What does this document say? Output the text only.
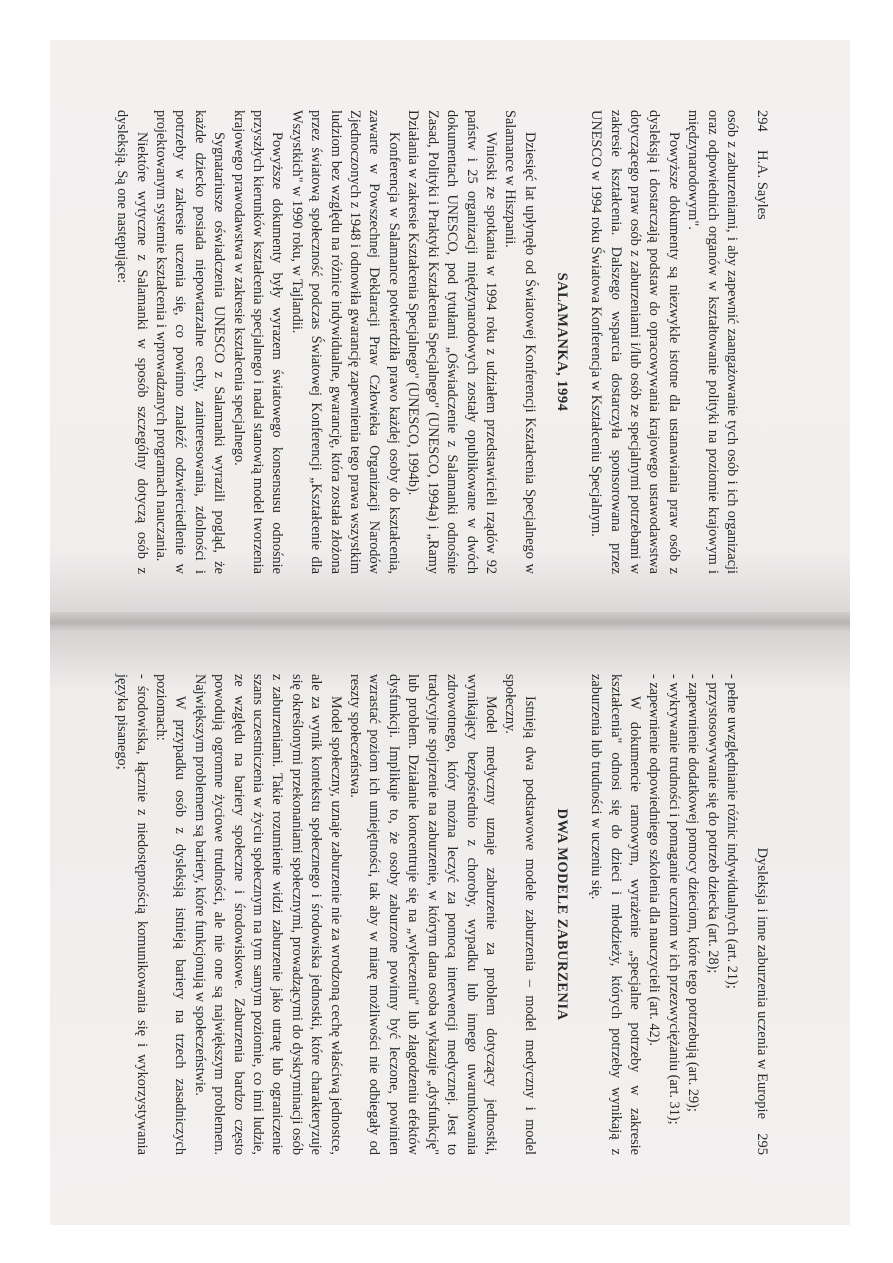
294
H.A. Sayles

osób z zaburzeniami, i aby zapewnić zaangażowanie tych osób i ich organizacji oraz odpowiednich organów w kształtowanie polityki na poziomie krajowym i międzynarodowym".

Powyższe dokumenty są niezwykle istotne dla ustanawiania praw osób z dysleksją i dostarczają podstaw do opracowywania krajowego ustawodawstwa dotyczącego praw osób z zaburzeniami i/lub osób ze specjalnymi potrzebami w zakresie kształcenia. Dalszego wsparcia dostarczyła sponsorowana przez UNESCO w 1994 roku Światowa Konferencja w Kształceniu Specjalnym.

SALAMANKA, 1994

Dziesięć lat upłynęło od Światowej Konferencji Kształcenia Specjalnego w Salamance w Hiszpanii.

Wnioski ze spotkania w 1994 roku z udziałem przedstawicieli rządów 92 państw i 25 organizacji międzynarodowych zostały opublikowane w dwóch dokumentach UNESCO, pod tytułami „Oświadczenie z Salamanki odnośnie Zasad, Polityki i Praktyki Kształcenia Specjalnego" (UNESCO, 1994a) i „Ramy Działania w zakresie Kształcenia Specjalnego" (UNESCO, 1994b).

Konferencja w Salamance potwierdziła prawo każdej osoby do kształcenia, zawarte w Powszechnej Deklaracji Praw Człowieka Organizacji Narodów Zjednoczonych z 1948 i odnowiła gwarancję zapewnienia tego prawa wszystkim ludziom bez względu na różnice indywidualne, gwarancję, która została złożona przez światową społeczność podczas Światowej Konferencji „Kształcenie dla Wszystkich" w 1990 roku, w Tajlandii.

Powyższe dokumenty były wyrazem światowego konsensusu odnośnie przyszłych kierunków kształcenia specjalnego i nadal stanowią model tworzenia krajowego prawodawstwa w zakresie kształcenia specjalnego.

Sygnatariusze oświadczenia UNESCO z Salamanki wyrazili pogląd, że każde dziecko posiada niepowtarzalne cechy, zainteresowania, zdolności i potrzeby w zakresie uczenia się, co powinno znaleźć odzwierciedlenie w projektowanym systemie kształcenia i wprowadzanych programach nauczania.

Niektóre wytyczne z Salamanki w sposób szczególny dotyczą osób z dysleksją. Są one następujące:

Dysleksja i inne zaburzenia uczenia w Europie
295

- pełne uwzględnianie różnic indywidualnych (art. 21);

- przystosowywanie się do potrzeb dziecka (art. 28);

- zapewnienie dodatkowej pomocy dzieciom, które tego potrzebują (art. 29);

- wykrywanie trudności i pomaganie uczniom w ich przezwyciężaniu (art. 31);

- zapewnienie odpowiedniego szkolenia dla nauczycieli (art. 42).

W dokumencie ramowym, wyrażenie „specjalne potrzeby w zakresie kształcenia" odnosi się do dzieci i młodzieży, których potrzeby wynikają z zaburzenia lub trudności w uczeniu się.

DWA MODELE ZABURZENIA

Istnieją dwa podstawowe modele zaburzenia – model medyczny i model społeczny.

Model medyczny uznaje zaburzenie za problem dotyczący jednostki, wynikający bezpośrednio z choroby, wypadku lub innego uwarunkowania zdrowotnego, który można leczyć za pomocą interwencji medycznej. Jest to tradycyjne spojrzenie na zaburzenie, w którym dana osoba wykazuje „dysfunkcję" lub problem. Działanie koncentruje się na „wyleczeniu" lub złagodzeniu efektów dysfunkcji. Implikuje to, że osoby zaburzone powinny być leczone, powinien wzrastać poziom ich umiejętności, tak aby w miarę możliwości nie odbiegały od reszty społeczeństwa.

Model społeczny, uznaje zaburzenie nie za wrodzoną cechę właściwą jednostce, ale za wynik kontekstu społecznego i środowiska jednostki, które charakteryzuje się określonymi przekonaniami społecznymi, prowadzącymi do dyskryminacji osób z zaburzeniami. Takie rozumienie widzi zaburzenie jako utratę lub ograniczenie szans uczestniczenia w życiu społecznym na tym samym poziomie, co inni ludzie, ze względu na bariery społeczne i środowiskowe. Zaburzenia bardzo często powodują ogromne życiowe trudności, ale nie one są największym problemem. Największym problemem są bariery, które funkcjonują w społeczeństwie.

W przypadku osób z dysleksją istnieją bariery na trzech zasadniczych poziomach:

- środowiska, łącznie z niedostępnością komunikowania się i wykorzystywania języka pisanego;
